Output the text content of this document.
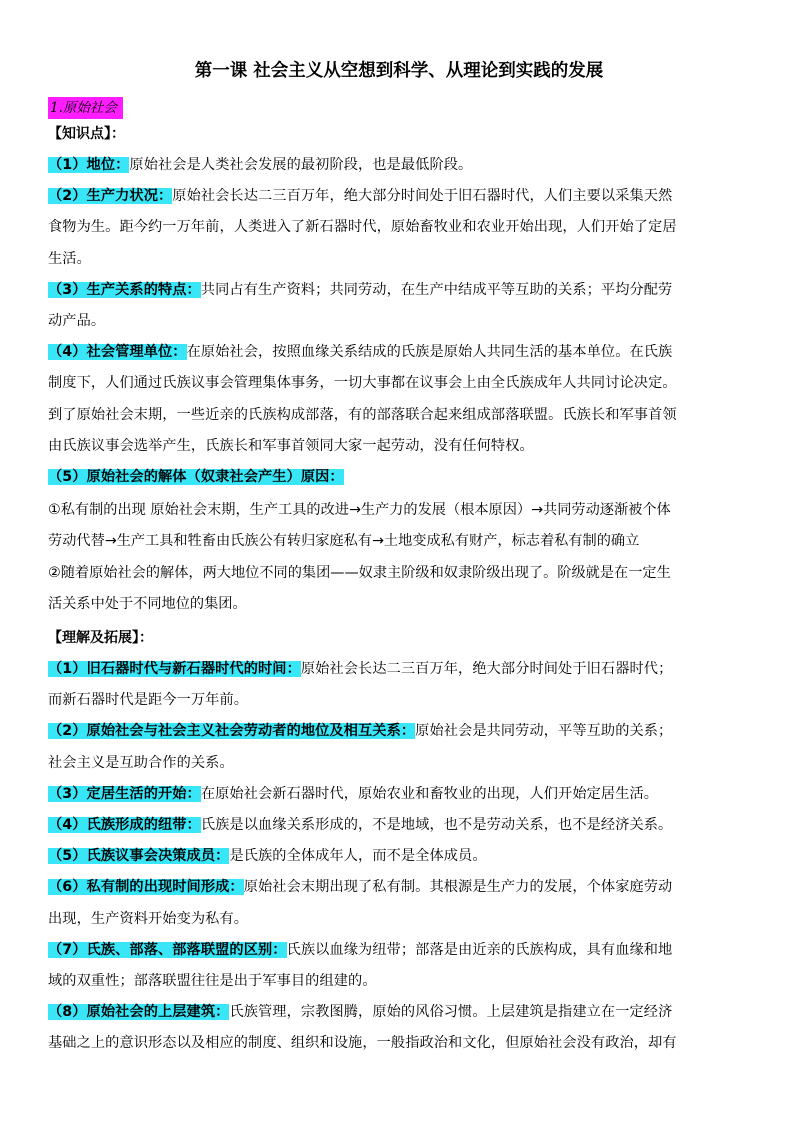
第一课 社会主义从空想到科学、从理论到实践的发展
1.原始社会
【知识点】：

（1）地位：原始社会是人类社会发展的最初阶段，也是最低阶段。

（2）生产力状况：原始社会长达二三百万年，绝大部分时间处于旧石器时代，人们主要以采集天然
食物为生。距今约一万年前，人类进入了新石器时代，原始畜牧业和农业开始出现，人们开始了定居
生活。

（3）生产关系的特点：共同占有生产资料；共同劳动，在生产中结成平等互助的关系；平均分配劳
动产品。

（4）社会管理单位：在原始社会，按照血缘关系结成的氏族是原始人共同生活的基本单位。在氏族
制度下，人们通过氏族议事会管理集体事务，一切大事都在议事会上由全氏族成年人共同讨论决定。
到了原始社会末期，一些近亲的氏族构成部落，有的部落联合起来组成部落联盟。氏族长和军事首领
由氏族议事会选举产生，氏族长和军事首领同大家一起劳动，没有任何特权。

（5）原始社会的解体（奴隶社会产生）原因：

①私有制的出现 原始社会末期，生产工具的改进→生产力的发展（根本原因）→共同劳动逐渐被个体

劳动代替→生产工具和牲畜由氏族公有转归家庭私有→土地变成私有财产，标志着私有制的确立

②随着原始社会的解体，两大地位不同的集团——奴隶主阶级和奴隶阶级出现了。阶级就是在一定生

活关系中处于不同地位的集团。

【理解及拓展】：

（1）旧石器时代与新石器时代的时间：原始社会长达二三百万年，绝大部分时间处于旧石器时代；
而新石器时代是距今一万年前。

（2）原始社会与社会主义社会劳动者的地位及相互关系：原始社会是共同劳动，平等互助的关系；
社会主义是互助合作的关系。

（3）定居生活的开始：在原始社会新石器时代，原始农业和畜牧业的出现，人们开始定居生活。

（4）氏族形成的纽带：氏族是以血缘关系形成的，不是地域，也不是劳动关系，也不是经济关系。

（5）氏族议事会决策成员：是氏族的全体成年人，而不是全体成员。

（6）私有制的出现时间形成：原始社会末期出现了私有制。其根源是生产力的发展，个体家庭劳动
出现，生产资料开始变为私有。

（7）氏族、部落、部落联盟的区别：氏族以血缘为纽带；部落是由近亲的氏族构成，具有血缘和地
域的双重性；部落联盟往往是出于军事目的组建的。

（8）原始社会的上层建筑：氏族管理，宗教图腾，原始的风俗习惯。上层建筑是指建立在一定经济
基础之上的意识形态以及相应的制度、组织和设施，一般指政治和文化，但原始社会没有政治，却有
